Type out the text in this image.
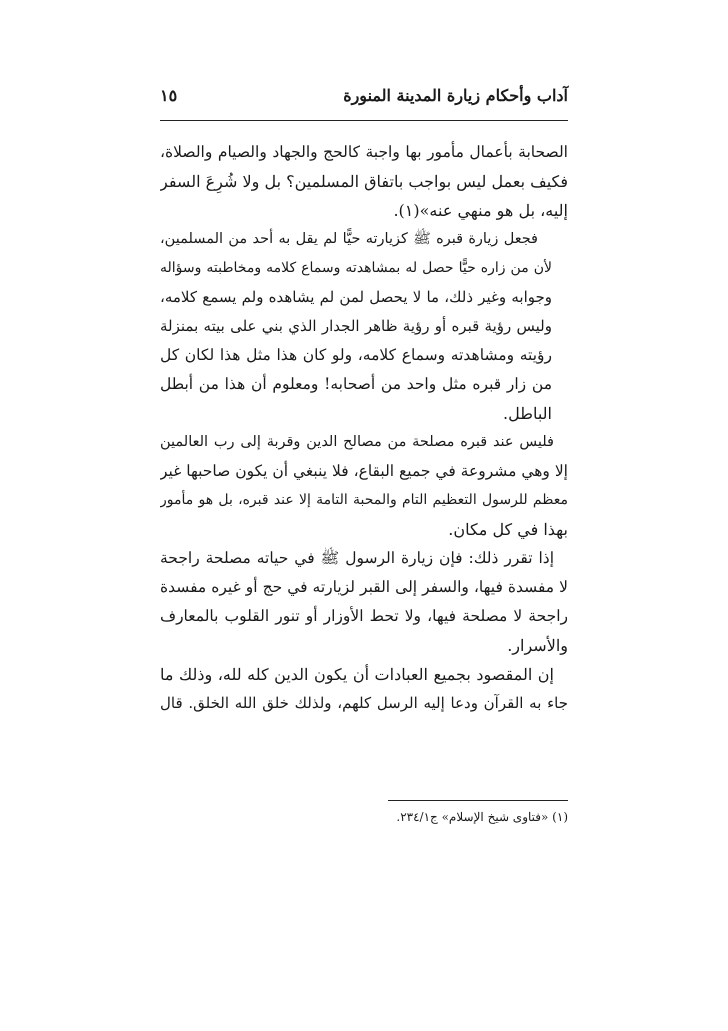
آداب وأحكام زيارة المدينة المنورة
١٥
الصحابة بأعمال مأمور بها واجبة كالحج والجهاد والصيام والصلاة،
فكيف بعمل ليس بواجب باتفاق المسلمين؟ بل ولا شُرِعَ السفر
إليه، بل هو منهي عنه»(١).
فجعل زيارة قبره ﷺ كزيارته حيًّا لم يقل به أحد من المسلمين،
لأن من زاره حيًّا حصل له بمشاهدته وسماع كلامه ومخاطبته وسؤاله
وجوابه وغير ذلك، ما لا يحصل لمن لم يشاهده ولم يسمع كلامه،
وليس رؤية قبره أو رؤية ظاهر الجدار الذي بني على بيته بمنزلة
رؤيته ومشاهدته وسماع كلامه، ولو كان هذا مثل هذا لكان كل
من زار قبره مثل واحد من أصحابه! ومعلوم أن هذا من أبطل
الباطل.
فليس عند قبره مصلحة من مصالح الدين وقربة إلى رب العالمين
إلا وهي مشروعة في جميع البقاع، فلا ينبغي أن يكون صاحبها غير
معظم للرسول التعظيم التام والمحبة التامة إلا عند قبره، بل هو مأمور
بهذا في كل مكان.
إذا تقرر ذلك: فإن زيارة الرسول ﷺ في حياته مصلحة راجحة
لا مفسدة فيها، والسفر إلى القبر لزيارته في حج أو غيره مفسدة
راجحة لا مصلحة فيها، ولا تحط الأوزار أو تنور القلوب بالمعارف
والأسرار.
إن المقصود بجميع العبادات أن يكون الدين كله لله، وذلك ما
جاء به القرآن ودعا إليه الرسل كلهم، ولذلك خلق الله الخلق. قال
(١) «فتاوى شيخ الإسلام» ج٢٣٤/١.
